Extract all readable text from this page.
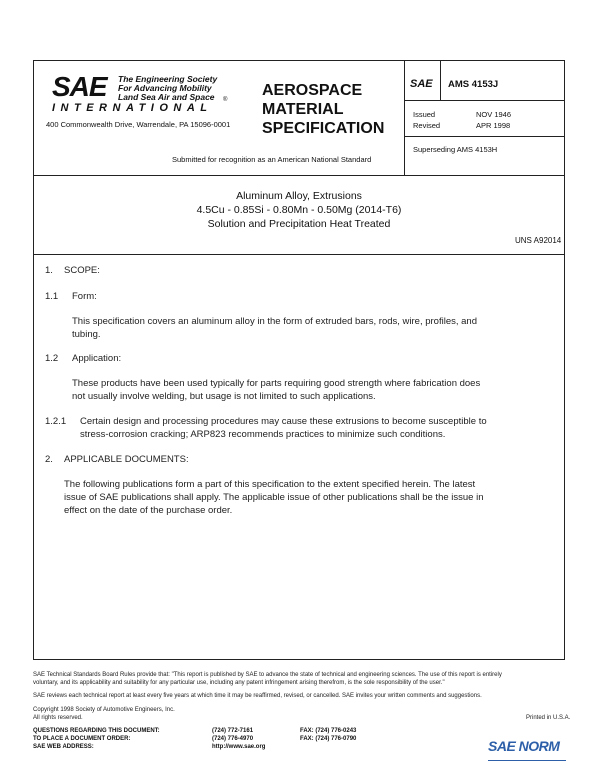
SAE The Engineering Society
For Advancing Mobility
Land Sea Air and Space ®
INTERNATIONAL
400 Commonwealth Drive, Warrendale, PA 15096-0001
AEROSPACE
MATERIAL
SPECIFICATION
Submitted for recognition as an American National Standard
SAE AMS 4153J
Issued	NOV 1946
Revised	APR 1998
Superseding AMS 4153H
Aluminum Alloy, Extrusions
4.5Cu - 0.85Si - 0.80Mn - 0.50Mg (2014-T6)
Solution and Precipitation Heat Treated
UNS A92014
1. SCOPE:
1.1 Form:
This specification covers an aluminum alloy in the form of extruded bars, rods, wire, profiles, and
tubing.
1.2 Application:
These products have been used typically for parts requiring good strength where fabrication does
not usually involve welding, but usage is not limited to such applications.
1.2.1 Certain design and processing procedures may cause these extrusions to become susceptible to
stress-corrosion cracking; ARP823 recommends practices to minimize such conditions.
2. APPLICABLE DOCUMENTS:
The following publications form a part of this specification to the extent specified herein. The latest
issue of SAE publications shall apply. The applicable issue of other publications shall be the issue in
effect on the date of the purchase order.
SAE Technical Standards Board Rules provide that: "This report is published by SAE to advance the state of technical and engineering sciences. The use of this report is entirely
voluntary, and its applicability and suitability for any particular use, including any patent infringement arising therefrom, is the sole responsibility of the user."
SAE reviews each technical report at least every five years at which time it may be reaffirmed, revised, or cancelled. SAE invites your written comments and suggestions.
Copyright 1998 Society of Automotive Engineers, Inc.
All rights reserved.	Printed in U.S.A.
QUESTIONS REGARDING THIS DOCUMENT:	(724) 772-7161	FAX: (724) 776-0243
TO PLACE A DOCUMENT ORDER:	(724) 776-4970	FAX: (724) 776-0790
SAE WEB ADDRESS:	http://www.sae.org	SAE NORM
